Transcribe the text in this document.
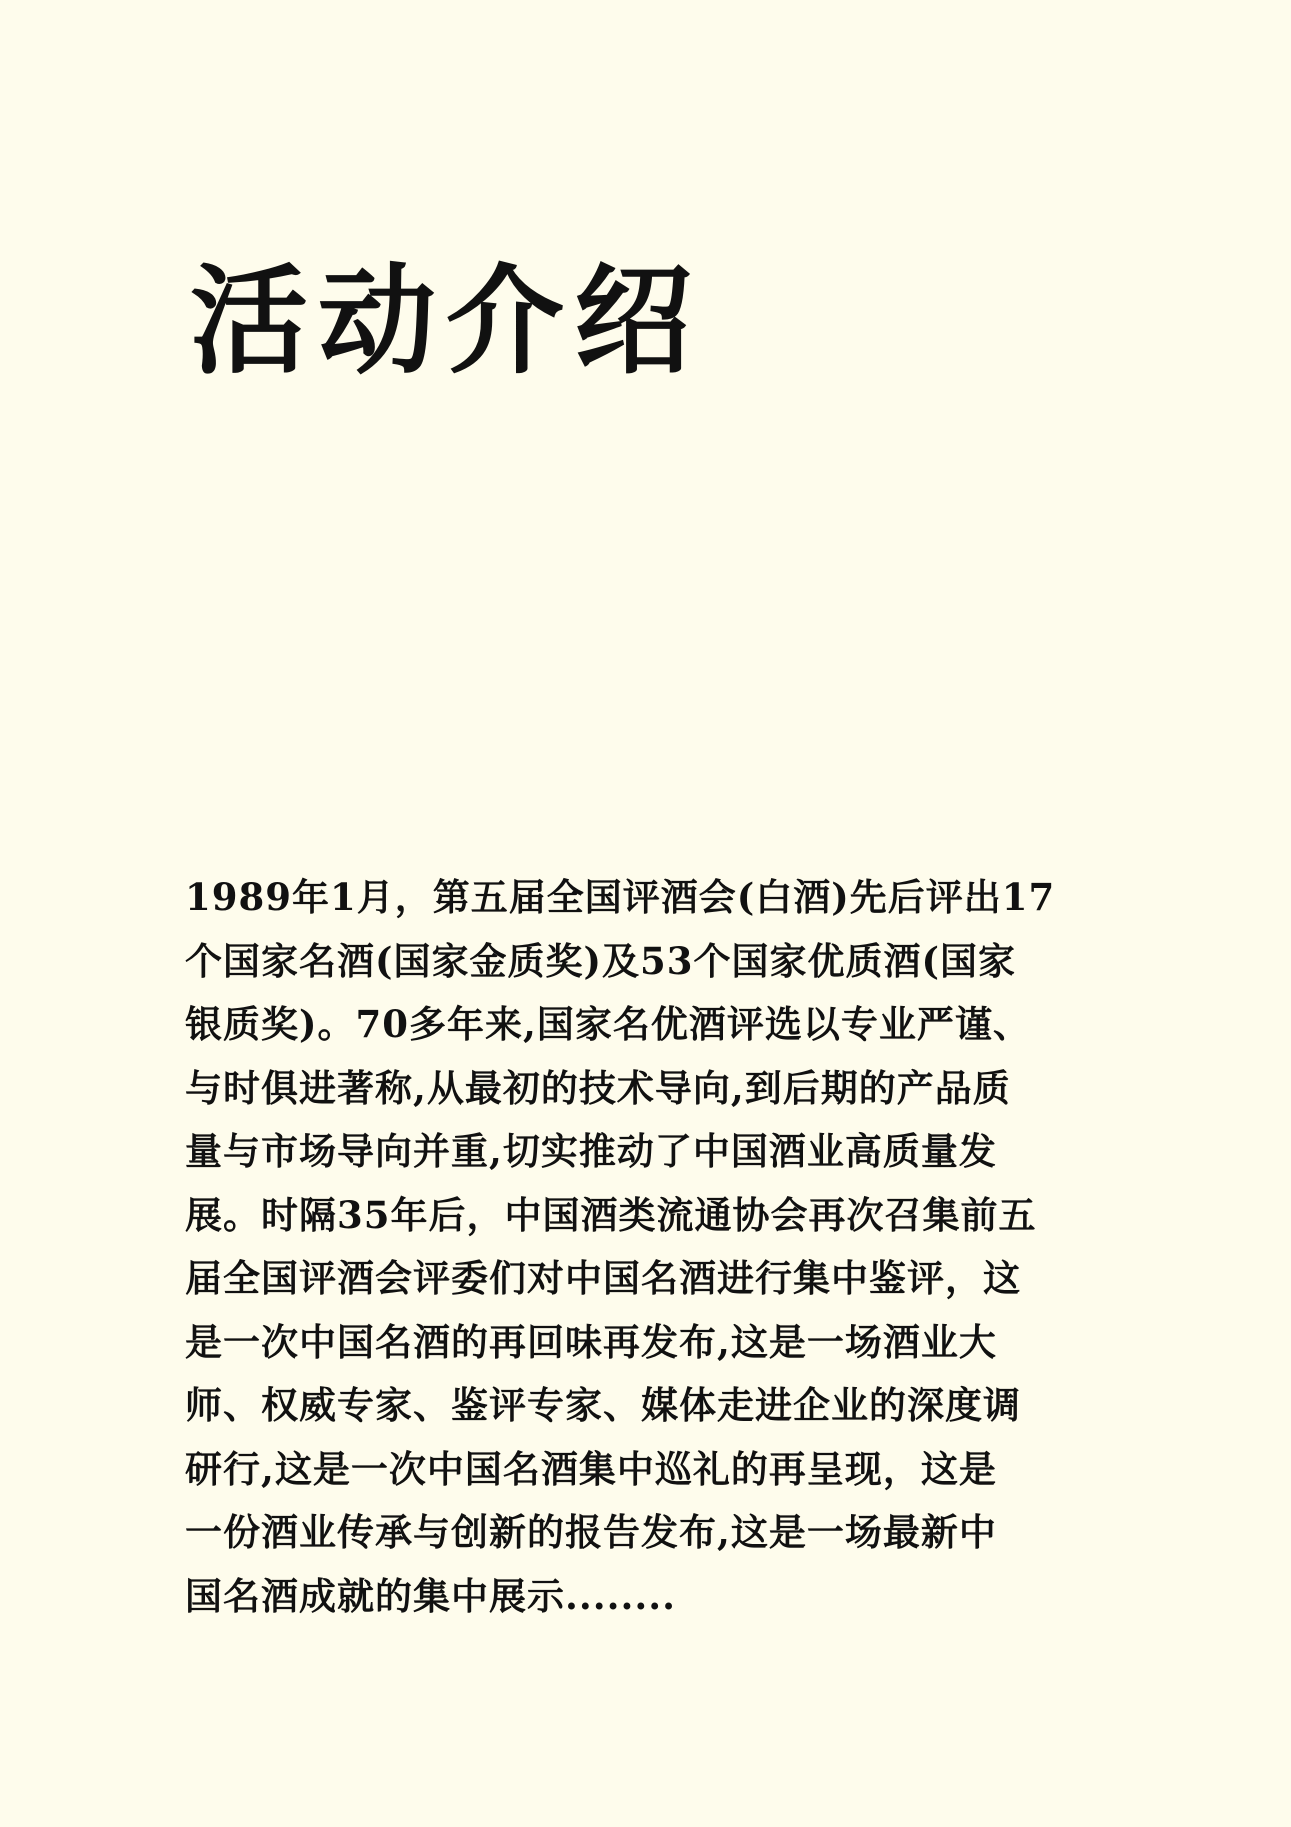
活动介绍

1989年1月，第五届全国评酒会(白酒)先后评出17
个国家名酒(国家金质奖)及53个国家优质酒(国家
银质奖)。70多年来,国家名优酒评选以专业严谨、
与时俱进著称,从最初的技术导向,到后期的产品质
量与市场导向并重,切实推动了中国酒业高质量发
展。时隔35年后，中国酒类流通协会再次召集前五
届全国评酒会评委们对中国名酒进行集中鉴评，这
是一次中国名酒的再回味再发布,这是一场酒业大
师、权威专家、鉴评专家、媒体走进企业的深度调
研行,这是一次中国名酒集中巡礼的再呈现，这是
一份酒业传承与创新的报告发布,这是一场最新中
国名酒成就的集中展示........
